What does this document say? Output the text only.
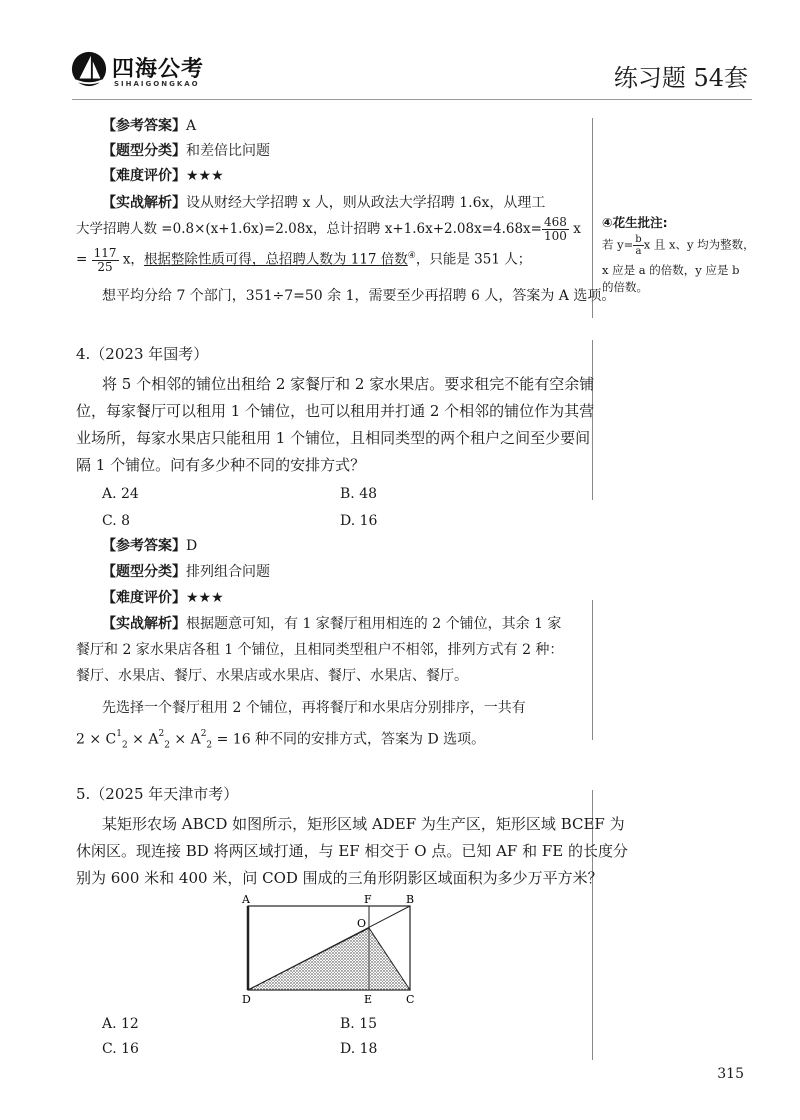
四海公考
SIHAIGONGKAO	练习题 54套
【参考答案】A
【题型分类】和差倍比问题
【难度评价】★★★
【实战解析】设从财经大学招聘 x 人，则从政法大学招聘 1.6x，从理工
大学招聘人数 =0.8×(x+1.6x)=2.08x，总计招聘 $x+1.6x+2.08x=4.68x= \frac{468}{100}$ x
= $\frac{117}{25}$ x，根据整除性质可得，总招聘人数为 117 倍数④，只能是 351 人；
想平均分给 7 个部门，351÷7=50 余 1，需要至少再招聘 6 人，答案为 A 选项。
④花生批注:
若 $y= \frac{b}{a}$ x 且 x、y 均为整数，
x 应是 a 的倍数，y 应是 b
的倍数。
4.（2023 年国考）
将 5 个相邻的铺位出租给 2 家餐厅和 2 家水果店。要求租完不能有空余铺
位，每家餐厅可以租用 1 个铺位，也可以租用并打通 2 个相邻的铺位作为其营
业场所，每家水果店只能租用 1 个铺位，且相同类型的两个租户之间至少要间
隔 1 个铺位。问有多少种不同的安排方式？
A. 24	B. 48
C. 8	D. 16
【参考答案】D
【题型分类】排列组合问题
【难度评价】★★★
【实战解析】根据题意可知，有 1 家餐厅租用相连的 2 个铺位，其余 1 家
餐厅和 2 家水果店各租 1 个铺位，且相同类型租户不相邻，排列方式有 2 种：
餐厅、水果店、餐厅、水果店或水果店、餐厅、水果店、餐厅。
先选择一个餐厅租用 2 个铺位，再将餐厅和水果店分别排序，一共有
$2 \times C^1_2 \times A^2_2 \times A^2_2 = 16$ 种不同的安排方式，答案为 D 选项。
5.（2025 年天津市考）
某矩形农场 ABCD 如图所示，矩形区域 ADEF 为生产区，矩形区域 BCEF 为
休闲区。现连接 BD 将两区域打通，与 EF 相交于 O 点。已知 AF 和 FE 的长度分
别为 600 米和 400 米，问 COD 围成的三角形阴影区域面积为多少万平方米？
A	F	B
O
D	E	C
A. 12	B. 15
C. 16	D. 18
315
